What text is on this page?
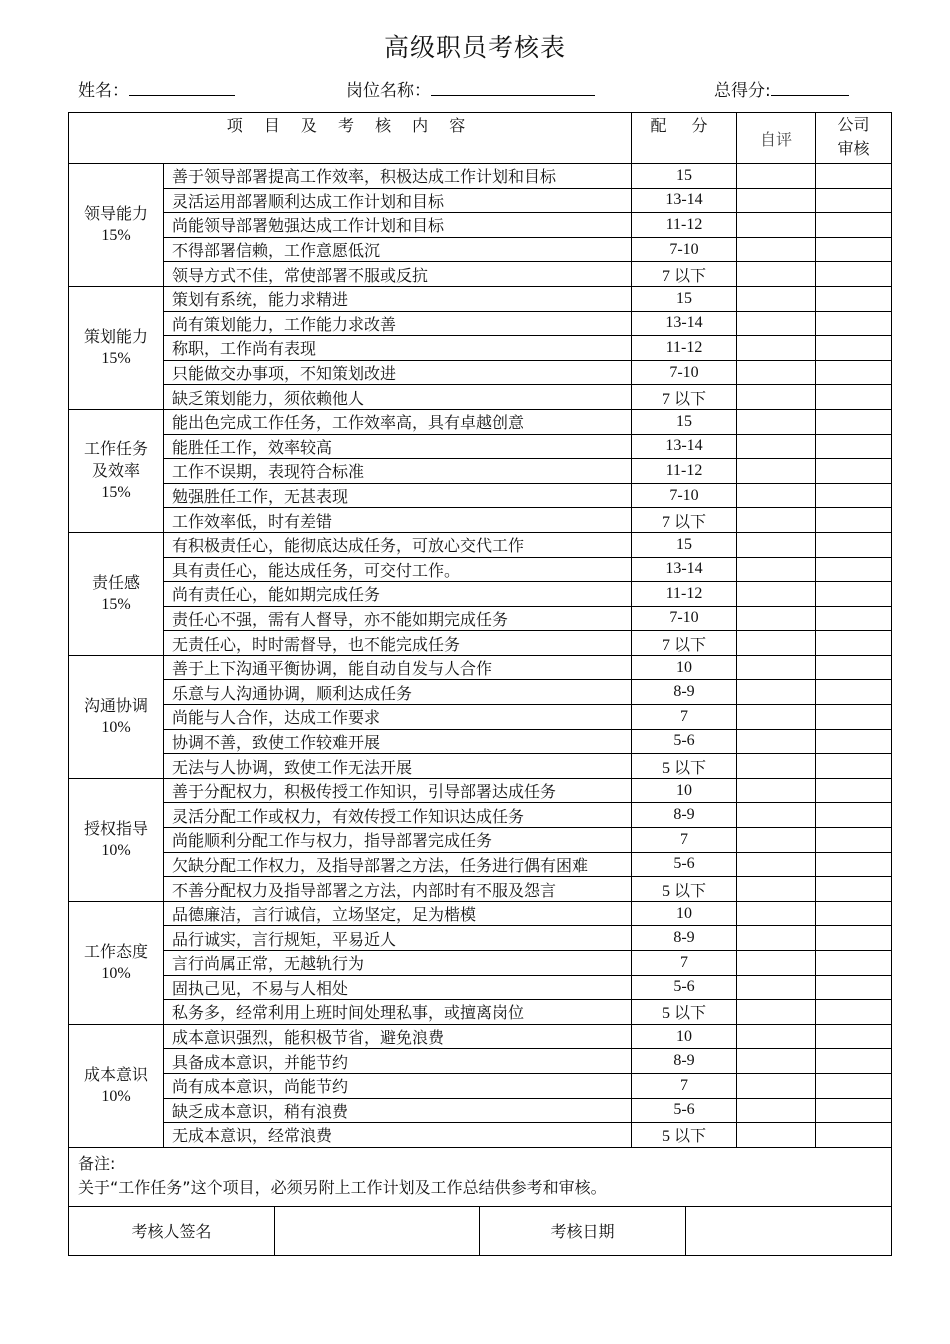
高级职员考核表
姓名：	岗位名称：	总得分:
项 目 及 考 核 内 容		配 分	自评	公司
审核

领导能力
15%	善于领导部署提高工作效率，积极达成工作计划和目标	15		
	灵活运用部署顺利达成工作计划和目标	13-14		
	尚能领导部署勉强达成工作计划和目标	11-12		
	不得部署信赖，工作意愿低沉	7-10		
	领导方式不佳，常使部署不服或反抗	7 以下		

策划能力
15%	策划有系统，能力求精进	15		
	尚有策划能力，工作能力求改善	13-14		
	称职，工作尚有表现	11-12		
	只能做交办事项，不知策划改进	7-10		
	缺乏策划能力，须依赖他人	7 以下		

工作任务
及效率
15%	能出色完成工作任务，工作效率高，具有卓越创意	15		
	能胜任工作，效率较高	13-14		
	工作不误期，表现符合标准	11-12		
	勉强胜任工作，无甚表现	7-10		
	工作效率低，时有差错	7 以下		

责任感
15%	有积极责任心，能彻底达成任务，可放心交代工作	15		
	具有责任心，能达成任务，可交付工作。	13-14		
	尚有责任心，能如期完成任务	11-12		
	责任心不强，需有人督导，亦不能如期完成任务	7-10		
	无责任心，时时需督导，也不能完成任务	7 以下		

沟通协调
10%	善于上下沟通平衡协调，能自动自发与人合作	10		
	乐意与人沟通协调，顺利达成任务	8-9		
	尚能与人合作，达成工作要求	7		
	协调不善，致使工作较难开展	5-6		
	无法与人协调，致使工作无法开展	5 以下		

授权指导
10%	善于分配权力，积极传授工作知识，引导部署达成任务	10		
	灵活分配工作或权力，有效传授工作知识达成任务	8-9		
	尚能顺利分配工作与权力，指导部署完成任务	7		
	欠缺分配工作权力，及指导部署之方法，任务进行偶有困难	5-6		
	不善分配权力及指导部署之方法，内部时有不服及怨言	5 以下		

工作态度
10%	品德廉洁，言行诚信，立场坚定，足为楷模	10		
	品行诚实，言行规矩，平易近人	8-9		
	言行尚属正常，无越轨行为	7		
	固执己见，不易与人相处	5-6		
	私务多，经常利用上班时间处理私事，或擅离岗位	5 以下		

成本意识
10%	成本意识强烈，能积极节省，避免浪费	10		
	具备成本意识，并能节约	8-9		
	尚有成本意识，尚能节约	7		
	缺乏成本意识，稍有浪费	5-6		
	无成本意识，经常浪费	5 以下		

备注:
关于“工作任务”这个项目，必须另附上工作计划及工作总结供参考和审核。				
考核人签名		考核日期	
